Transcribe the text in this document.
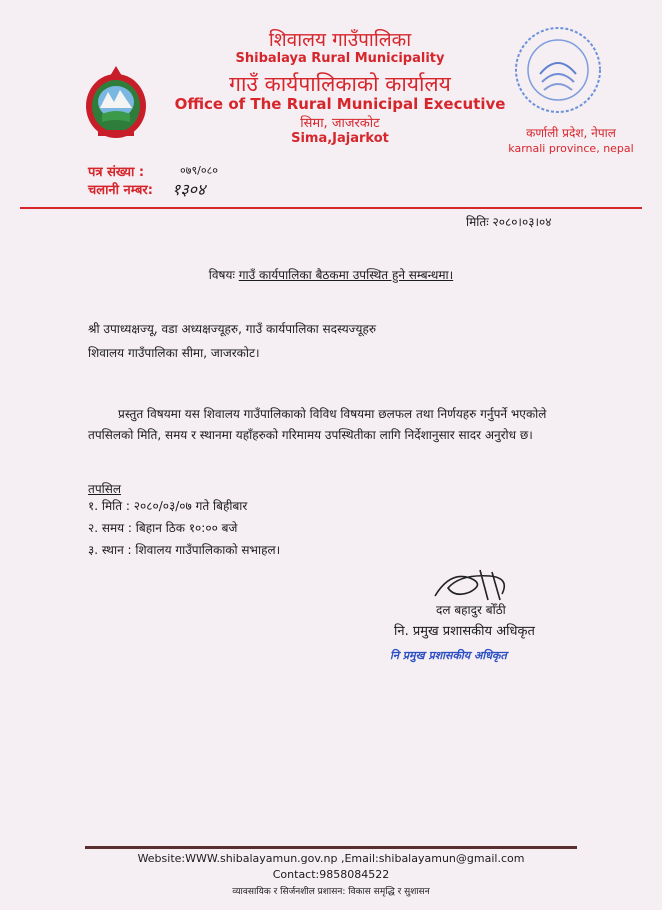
शिवालय गाउँपालिका
Shibalaya Rural Municipality
गाउँ कार्यपालिकाको कार्यालय
Office of The Rural Municipal Executive
सिमा, जाजरकोट
Sima,Jajarkot	कर्णाली प्रदेश, नेपाल
karnali province, nepal
पत्र संख्या :	०७९/०८०
चलानी नम्बर: १३०४
मितिः २०८०।०३।०४
विषयः गाउँ कार्यपालिका बैठकमा उपस्थित हुने सम्बन्धमा।
श्री उपाध्यक्षज्यू, वडा अध्यक्षज्यूहरु, गाउँ कार्यपालिका सदस्यज्यूहरु
शिवालय गाउँपालिका सीमा, जाजरकोट।
प्रस्तुत विषयमा यस शिवालय गाउँपालिकाको विविध विषयमा छलफल तथा निर्णयहरु गर्नुपर्ने भएकोले तपसिलको मिति, समय र स्थानमा यहाँहरुको गरिमामय उपस्थितीका लागि निर्देशानुसार सादर अनुरोध छ।
तपसिल
१. मिति : २०८०/०३/०७ गते बिहीबार
२. समय : बिहान ठिक १०:०० बजे
३. स्थान : शिवालय गाउँपालिकाको सभाहल।
दल बहादुर बोँठी
नि. प्रमुख प्रशासकीय अधिकृत
नि प्रमुख प्रशासकीय अधिकृत
Website:WWW.shibalayamun.gov.np ,Email:shibalayamun@gmail.com
Contact:9858084522
व्यावसायिक र सिर्जनशील प्रशासन: विकास समृद्धि र सुशासन
